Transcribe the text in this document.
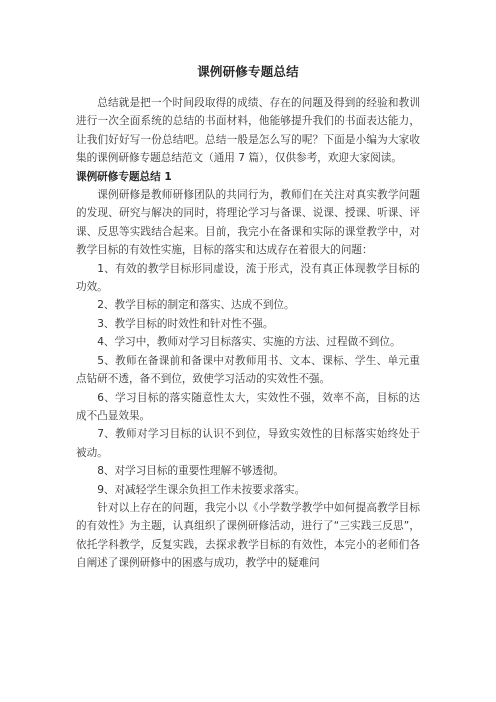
课例研修专题总结

总结就是把一个时间段取得的成绩、存在的问题及得到的经验和教训进行一次全面系统的总结的书面材料，他能够提升我们的书面表达能力，让我们好好写一份总结吧。总结一般是怎么写的呢？下面是小编为大家收集的课例研修专题总结范文（通用 7 篇），仅供参考，欢迎大家阅读。

课例研修专题总结 1

课例研修是教师研修团队的共同行为，教师们在关注对真实教学问题的发现、研究与解决的同时，将理论学习与备课、说课、授课、听课、评课、反思等实践结合起来。目前，我完小在备课和实际的课堂教学中，对教学目标的有效性实施，目标的落实和达成存在着很大的问题：

1、有效的教学目标形同虚设，流于形式，没有真正体现教学目标的功效。

2、教学目标的制定和落实、达成不到位。

3、教学目标的时效性和针对性不强。

4、学习中，教师对学习目标落实、实施的方法、过程做不到位。

5、教师在备课前和备课中对教师用书、文本、课标、学生、单元重点钻研不透，备不到位，致使学习活动的实效性不强。

6、学习目标的落实随意性太大，实效性不强，效率不高，目标的达成不凸显效果。

7、教师对学习目标的认识不到位，导致实效性的目标落实始终处于被动。

8、对学习目标的重要性理解不够透彻。

9、对减轻学生课余负担工作未按要求落实。

针对以上存在的问题，我完小以《小学数学教学中如何提高教学目标的有效性》为主题，认真组织了课例研修活动，进行了“三实践三反思”，依托学科教学，反复实践，去探求教学目标的有效性，本完小的老师们各自阐述了课例研修中的困惑与成功，教学中的疑难问
